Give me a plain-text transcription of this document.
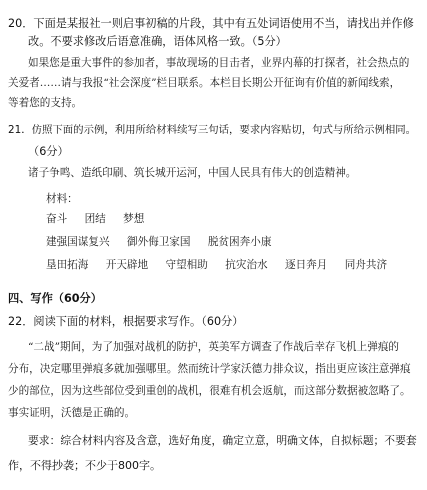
20．下面是某报社一则启事初稿的片段，其中有五处词语使用不当，请找出并作修
改。不要求修改后语意准确，语体风格一致。（5分）
如果您是重大事件的参加者，事故现场的目击者，业界内幕的打探者，社会热点的
关爱者……请与我报“社会深度”栏目联系。本栏目长期公开征询有价值的新闻线索，
等着您的支持。
21．仿照下面的示例，利用所给材料续写三句话，要求内容贴切，句式与所给示例相同。
（6分）
诸子争鸣、造纸印刷、筑长城开运河，中国人民具有伟大的创造精神。
材料：
奋斗 团结 梦想
建强国谋复兴 御外侮卫家国 脱贫困奔小康
垦田拓海 开天辟地 守望相助 抗灾治水 逐日奔月 同舟共济
四、写作（60分）
22．阅读下面的材料，根据要求写作。（60分）
“二战”期间，为了加强对战机的防护，英美军方调查了作战后幸存飞机上弹痕的
分布，决定哪里弹痕多就加强哪里。然而统计学家沃德力排众议，指出更应该注意弹痕
少的部位，因为这些部位受到重创的战机，很难有机会返航，而这部分数据被忽略了。
事实证明，沃德是正确的。
要求：综合材料内容及含意，选好角度，确定立意，明确文体，自拟标题；不要套
作，不得抄袭；不少于800字。
